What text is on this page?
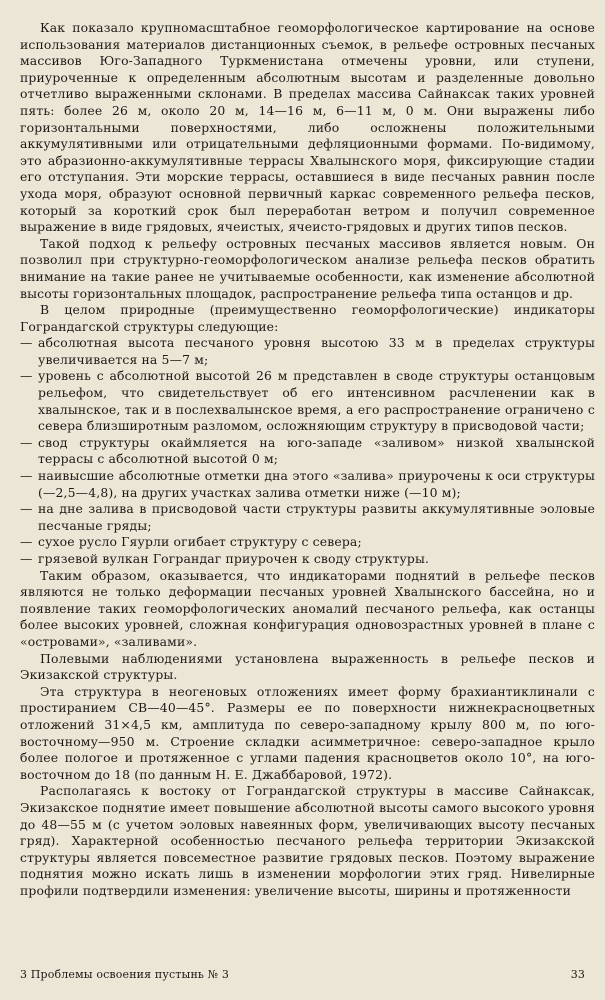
Как показало крупномасштабное геоморфологическое картирование на основе использования материалов дистанционных съемок, в рельефе островных песчаных массивов Юго-Западного Туркменистана отмечены уровни, или ступени, приуроченные к определенным абсолютным высотам и разделенные довольно отчетливо выраженными склонами. В пределах массива Сайнаксак таких уровней пять: более 26 м, около 20 м, 14—16 м, 6—11 м, 0 м. Они выражены либо горизонтальными поверхностями, либо осложнены положительными аккумулятивными или отрицательными дефляционными формами. По-видимому, это абразионно-аккумулятивные террасы Хвалынского моря, фиксирующие стадии его отступания. Эти морские террасы, оставшиеся в виде песчаных равнин после ухода моря, образуют основной первичный каркас современного рельефа песков, который за короткий срок был переработан ветром и получил современное выражение в виде грядовых, ячеистых, ячеисто-грядовых и других типов песков.

Такой подход к рельефу островных песчаных массивов является новым. Он позволил при структурно-геоморфологическом анализе рельефа песков обратить внимание на такие ранее не учитываемые особенности, как изменение абсолютной высоты горизонтальных площадок, распространение рельефа типа останцов и др.

В целом природные (преимущественно геоморфологические) индикаторы Гогрaндагской структуры следующие:

— абсолютная высота песчаного уровня высотою 33 м в пределах структуры увеличивается на 5—7 м;
— уровень с абсолютной высотой 26 м представлен в своде структуры останцовым рельефом, что свидетельствует об его интенсивном расчленении как в хвалынское, так и в послехвалынское время, а его распространение ограничено с севера близширотным разломом, осложняющим структуру в присводовой части;
— свод структуры окаймляется на юго-западе «заливом» низкой хвалынской террасы с абсолютной высотой 0 м;
— наивысшие абсолютные отметки дна этого «залива» приурочены к оси структуры (—2,5—4,8), на других участках залива отметки ниже (—10 м);
— на дне залива в присводовой части структуры развиты аккумулятивные эоловые песчаные гряды;
— сухое русло Гяурли огибает структуру с севера;
— грязевой вулкан Гогрaндаг приурочен к своду структуры.

Таким образом, оказывается, что индикаторами поднятий в рельефе песков являются не только деформации песчаных уровней Хвалынского бассейна, но и появление таких геоморфологических аномалий песчаного рельефа, как останцы более высоких уровней, сложная конфигурация одновозрастных уровней в плане с «островами», «заливами».

Полевыми наблюдениями установлена выраженность в рельефе песков и Экизакской структуры.

Эта структура в неогеновых отложениях имеет форму брахиантиклинали с простиранием СВ—40—45°. Размеры ее по поверхности нижнекраснoцветных отложений 31×4,5 км, амплитуда по северо-западному крылу 800 м, по юго-восточному—950 м. Строение складки асимметричное: северо-западное крыло более пологое и протяженное с углами падения красноцветов около 10°, на юго-восточном до 18 (по данным Н. Е. Джаббаровой, 1972).

Располагаясь к востоку от Гогрaндагской структуры в массиве Сайнаксак, Экизакское поднятие имеет повышение абсолютной высоты самого высокого уровня до 48—55 м (с учетом эоловых навеянных форм, увеличивающих высоту песчаных гряд). Характерной особенностью песчаного рельефа территории Экизакской структуры является повсеместное развитие грядовых песков. Поэтому выражение поднятия можно искать лишь в изменении морфологии этих гряд. Нивелирные профили подтвердили изменения: увеличение высоты, ширины и протяженности

3 Проблемы освоения пустынь № 3	33
